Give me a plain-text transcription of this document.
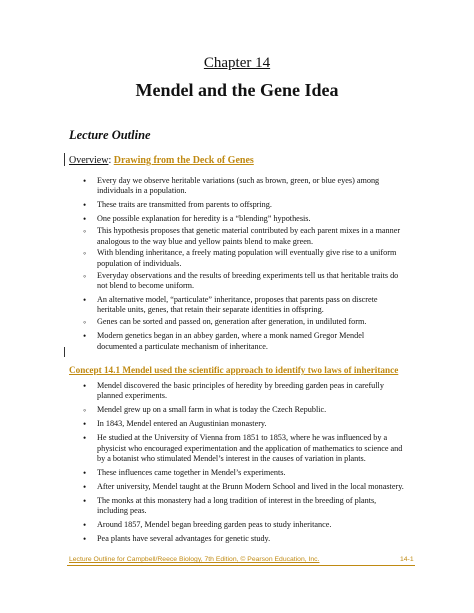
Chapter 14
Mendel and the Gene Idea
Lecture Outline
Overview: Drawing from the Deck of Genes
• Every day we observe heritable variations (such as brown, green, or blue eyes) among individuals in a population.
• These traits are transmitted from parents to offspring.
• One possible explanation for heredity is a “blending” hypothesis.
◦ This hypothesis proposes that genetic material contributed by each parent mixes in a manner analogous to the way blue and yellow paints blend to make green.
◦ With blending inheritance, a freely mating population will eventually give rise to a uniform population of individuals.
◦ Everyday observations and the results of breeding experiments tell us that heritable traits do not blend to become uniform.
• An alternative model, “particulate” inheritance, proposes that parents pass on discrete heritable units, genes, that retain their separate identities in offspring.
◦ Genes can be sorted and passed on, generation after generation, in undiluted form.
• Modern genetics began in an abbey garden, where a monk named Gregor Mendel documented a particulate mechanism of inheritance.
Concept 14.1 Mendel used the scientific approach to identify two laws of inheritance
• Mendel discovered the basic principles of heredity by breeding garden peas in carefully planned experiments.
◦ Mendel grew up on a small farm in what is today the Czech Republic.
• In 1843, Mendel entered an Augustinian monastery.
• He studied at the University of Vienna from 1851 to 1853, where he was influenced by a physicist who encouraged experimentation and the application of mathematics to science and by a botanist who stimulated Mendel’s interest in the causes of variation in plants.
• These influences came together in Mendel’s experiments.
• After university, Mendel taught at the Brunn Modern School and lived in the local monastery.
• The monks at this monastery had a long tradition of interest in the breeding of plants, including peas.
• Around 1857, Mendel began breeding garden peas to study inheritance.
• Pea plants have several advantages for genetic study.
Lecture Outline for Campbell/Reece Biology, 7th Edition, © Pearson Education, Inc.	14-1
